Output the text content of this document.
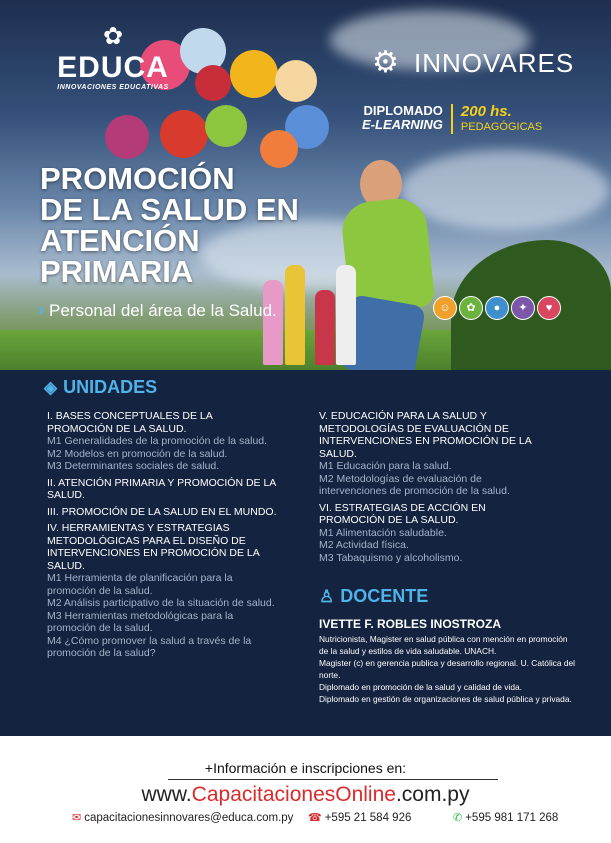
✿
EDUCA
INNOVACIONES EDUCATIVAS
⚙ INNOVARES
DIPLOMADO
E-LEARNING
200 hs.
PEDAGÓGICAS
PROMOCIÓN
DE LA SALUD EN
ATENCIÓN
PRIMARIA
› Personal del área de la Salud.	☺	✿	●	✦	♥
◈ UNIDADES
I. BASES CONCEPTUALES DE LA PROMOCIÓN DE LA SALUD.
M1 Generalidades de la promoción de la salud.
M2 Modelos en promoción de la salud.
M3 Determinantes sociales de salud.
II. ATENCIÓN PRIMARIA Y PROMOCIÓN DE LA SALUD.
III. PROMOCIÓN DE LA SALUD EN EL MUNDO.
IV. HERRAMIENTAS Y ESTRATEGIAS METODOLÓGICAS PARA EL DISEÑO DE INTERVENCIONES EN PROMOCIÓN DE LA SALUD.
M1 Herramienta de planificación para la promoción de la salud.
M2 Análisis participativo de la situación de salud.
M3 Herramientas metodológicas para la promoción de la salud.
M4 ¿Cómo promover la salud a través de la promoción de la salud?
V. EDUCACIÓN PARA LA SALUD Y METODOLOGÍAS DE EVALUACIÓN DE INTERVENCIONES EN PROMOCIÓN DE LA SALUD.
M1 Educación para la salud.
M2 Metodologías de evaluación de intervenciones de promoción de la salud.
VI. ESTRATEGIAS DE ACCIÓN EN PROMOCIÓN DE LA SALUD.
M1 Alimentación saludable.
M2 Actividad física.
M3 Tabaquismo y alcoholismo.
♙ DOCENTE
IVETTE F. ROBLES INOSTROZA
Nutricionista, Magister en salud pública con mención en promoción de la salud y estilos de vida saludable. UNACH.
Magister (c) en gerencia publica y desarrollo regional. U. Católica del norte.
Diplomado en promoción de la salud y calidad de vida.
Diplomado en gestión de organizaciones de salud pública y privada.
+Información e inscripciones en:
www.CapacitacionesOnline.com.py
✉ capacitacionesinnovares@educa.com.py ☎ +595 21 584 926	✆ +595 981 171 268
